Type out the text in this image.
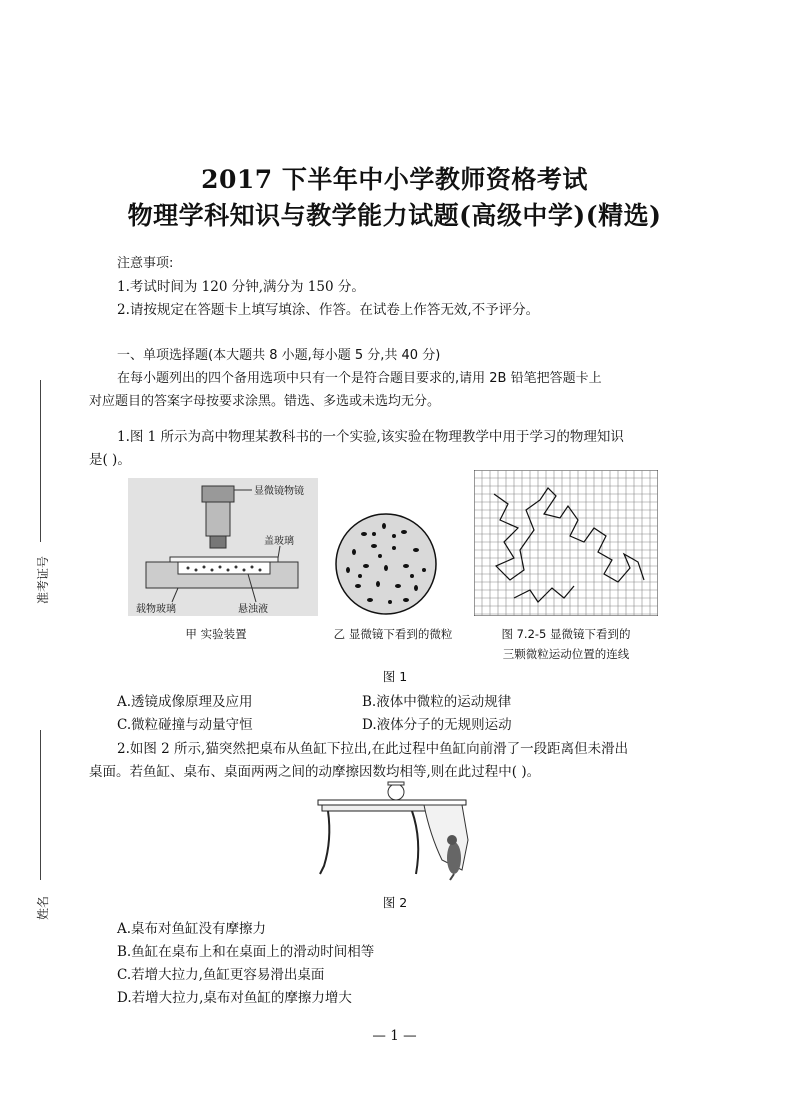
2017 下半年中小学教师资格考试
物理学科知识与教学能力试题(高级中学)(精选)
注意事项:
1.考试时间为 120 分钟,满分为 150 分。
2.请按规定在答题卡上填写填涂、作答。在试卷上作答无效,不予评分。
一、单项选择题(本大题共 8 小题,每小题 5 分,共 40 分)
在每小题列出的四个备用选项中只有一个是符合题目要求的,请用 2B 铅笔把答题卡上
对应题目的答案字母按要求涂黑。错选、多选或未选均无分。
1.图 1 所示为高中物理某教科书的一个实验,该实验在物理教学中用于学习的物理知识
是( )。
显微镜物镜
盖玻璃
载物玻璃	悬浊液
甲 实验装置	乙 显微镜下看到的微粒	图 7.2-5 显微镜下看到的
三颗微粒运动位置的连线
图 1
A.透镜成像原理及应用	B.液体中微粒的运动规律
C.微粒碰撞与动量守恒	D.液体分子的无规则运动
2.如图 2 所示,猫突然把桌布从鱼缸下拉出,在此过程中鱼缸向前滑了一段距离但未滑出
桌面。若鱼缸、桌布、桌面两两之间的动摩擦因数均相等,则在此过程中( )。
图 2
A.桌布对鱼缸没有摩擦力
B.鱼缸在桌布上和在桌面上的滑动时间相等
C.若增大拉力,鱼缸更容易滑出桌面
D.若增大拉力,桌布对鱼缸的摩擦力增大
— 1 —
准考证号
姓名
